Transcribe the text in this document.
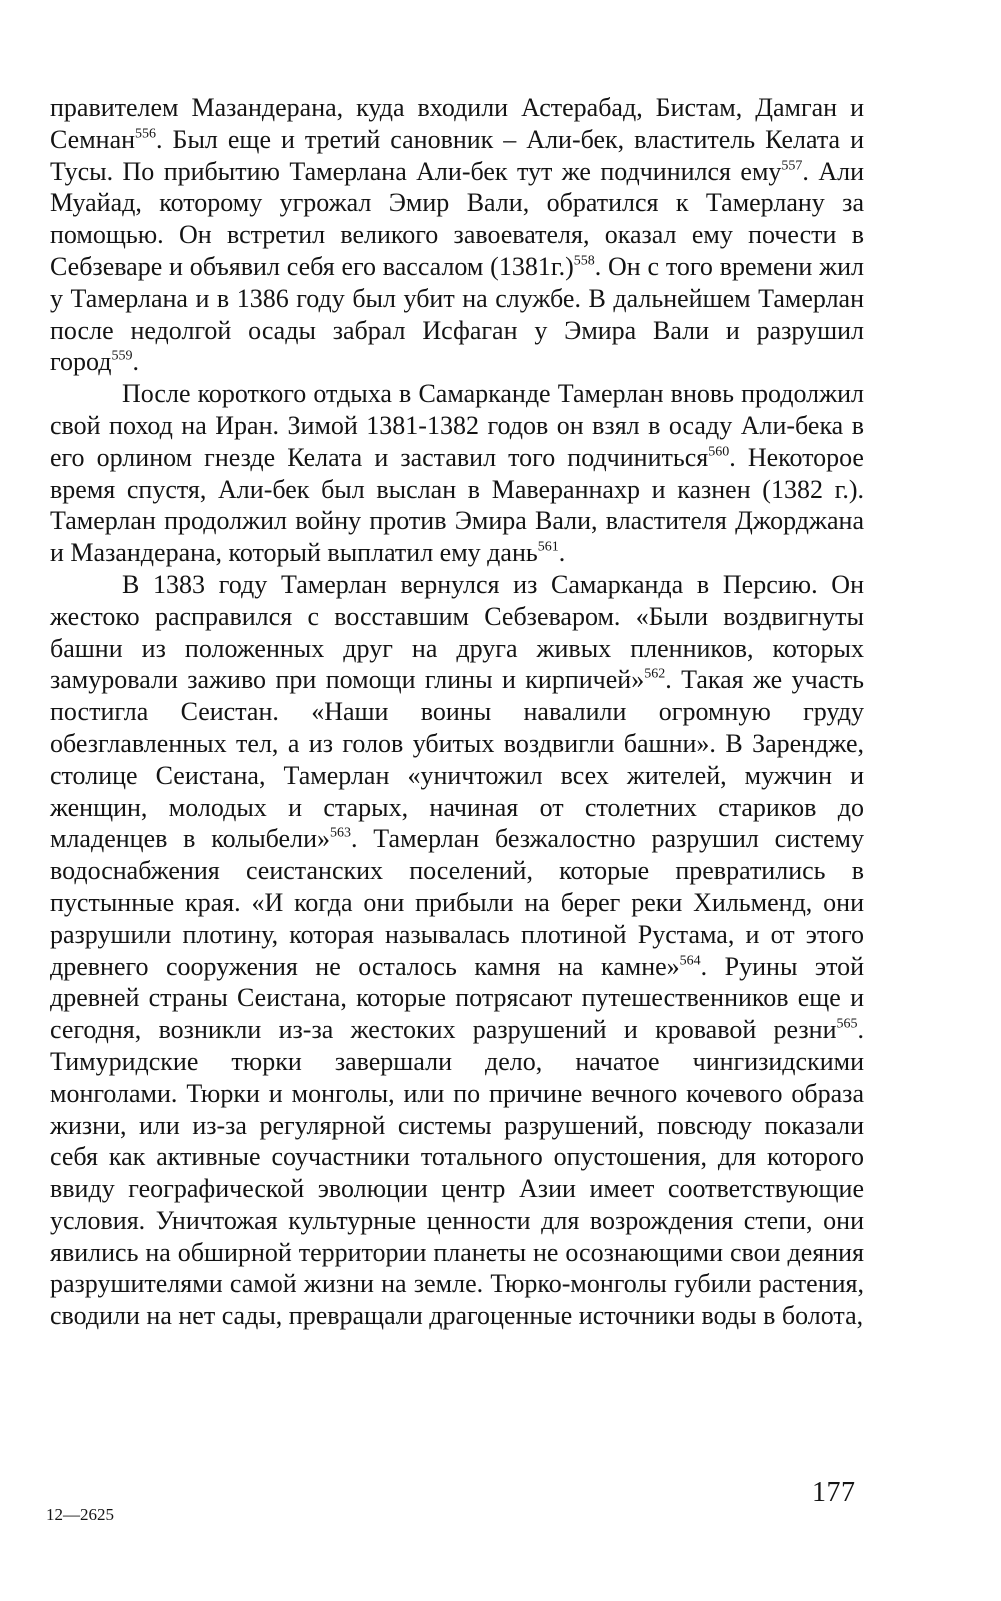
правителем Мазандерана, куда входили Астерабад, Бистам, Дамган и Семнан$^{556}$. Был еще и третий сановник – Али-бек, властитель Келата и Тусы. По прибытию Тамерлана Али-бек тут же подчинился ему$^{557}$. Али Муайад, которому угрожал Эмир Вали, обратился к Тамерлану за помощью. Он встретил великого завоевателя, оказал ему почести в Себзеваре и объявил себя его вассалом $(1381г.)^{558}$. Он с того времени жил у Тамерлана и в 1386 году был убит на службе. В дальнейшем Тамерлан после недолгой осады забрал Исфаган у Эмира Вали и разрушил город$^{559}$.

После короткого отдыха в Самарканде Тамерлан вновь продолжил свой поход на Иран. Зимой 1381-1382 годов он взял в осаду Али-бека в его орлином гнезде Келата и заставил того подчиниться$^{560}$. Некоторое время спустя, Али-бек был выслан в Мавераннахр и казнен (1382 г.). Тамерлан продолжил войну против Эмира Вали, властителя Джорджана и Мазандерана, который выплатил ему дань$^{561}$.

В 1383 году Тамерлан вернулся из Самарканда в Персию. Он жестоко расправился с восставшим Себзеваром. «Были воздвигнуты башни из положенных друг на друга живых пленников, которых замуровали заживо при помощи глины и кирпичей»$^{562}$. Такая же участь постигла Сеистан. «Наши воины навалили огромную груду обезглавленных тел, а из голов убитых воздвигли башни». В Зарендже, столице Сеистана, Тамерлан «уничтожил всех жителей, мужчин и женщин, молодых и старых, начиная от столетних стариков до младенцев в колыбели»$^{563}$. Тамерлан безжалостно разрушил систему водоснабжения сеистанских поселений, которые превратились в пустынные края. «И когда они прибыли на берег реки Хильменд, они разрушили плотину, которая называлась плотиной Рустама, и от этого древнего сооружения не осталось камня на камне»$^{564}$. Руины этой древней страны Сеистана, которые потрясают путешественников еще и сегодня, возникли из-за жестоких разрушений и кровавой резни$^{565}$. Тимуридские тюрки завершали дело, начатое чингизидскими монголами. Тюрки и монголы, или по причине вечного кочевого образа жизни, или из-за регулярной системы разрушений, повсюду показали себя как активные соучастники тотального опустошения, для которого ввиду географической эволюции центр Азии имеет соответствующие условия. Уничтожая культурные ценности для возрождения степи, они явились на обширной территории планеты не осознающими свои деяния разрушителями самой жизни на земле. Тюрко-монголы губили растения, сводили на нет сады, превращали драгоценные источники воды в болота,

177
12—2625
